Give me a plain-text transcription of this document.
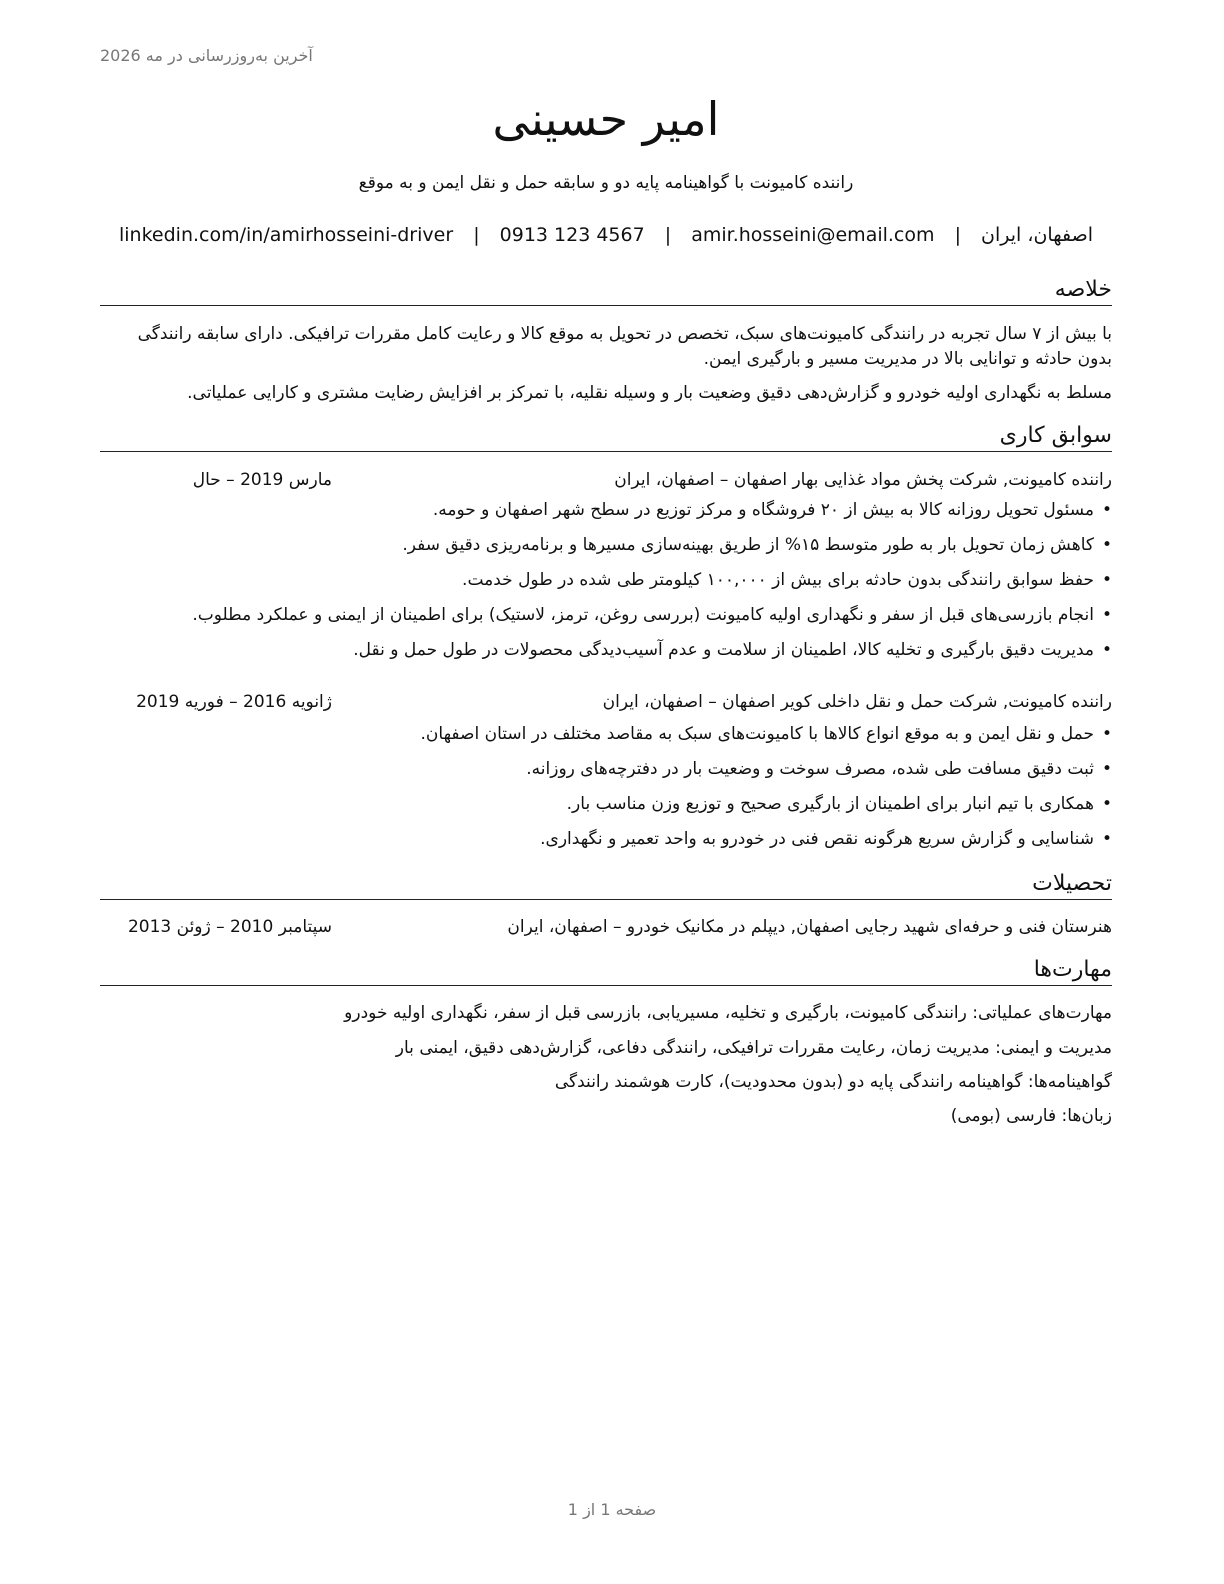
آخرین به‌روزرسانی در مه 2026
امیر حسینی
راننده کامیونت با گواهینامه پایه دو و سابقه حمل و نقل ایمن و به موقع
اصفهان، ایران | amir.hosseini@email.com | 0913 123 4567 | linkedin.com/in/amirhosseini-driver
خلاصه
با بیش از ۷ سال تجربه در رانندگی کامیونت‌های سبک، تخصص در تحویل به موقع کالا و رعایت کامل مقررات ترافیکی. دارای سابقه رانندگی بدون حادثه و توانایی بالا در مدیریت مسیر و بارگیری ایمن.
مسلط به نگهداری اولیه خودرو و گزارش‌دهی دقیق وضعیت بار و وسیله نقلیه، با تمرکز بر افزایش رضایت مشتری و کارایی عملیاتی.
سوابق کاری
راننده کامیونت, شرکت پخش مواد غذایی بهار اصفهان – اصفهان، ایران
مارس 2019 – حال
•مسئول تحویل روزانه کالا به بیش از ۲۰ فروشگاه و مرکز توزیع در سطح شهر اصفهان و حومه.
•کاهش زمان تحویل بار به طور متوسط ۱۵% از طریق بهینه‌سازی مسیرها و برنامه‌ریزی دقیق سفر.
•حفظ سوابق رانندگی بدون حادثه برای بیش از ۱۰۰,۰۰۰ کیلومتر طی شده در طول خدمت.
•انجام بازرسی‌های قبل از سفر و نگهداری اولیه کامیونت (بررسی روغن، ترمز، لاستیک) برای اطمینان از ایمنی و عملکرد مطلوب.
•مدیریت دقیق بارگیری و تخلیه کالا، اطمینان از سلامت و عدم آسیب‌دیدگی محصولات در طول حمل و نقل.
راننده کامیونت, شرکت حمل و نقل داخلی کویر اصفهان – اصفهان، ایران
ژانویه 2016 – فوریه 2019
•حمل و نقل ایمن و به موقع انواع کالاها با کامیونت‌های سبک به مقاصد مختلف در استان اصفهان.
•ثبت دقیق مسافت طی شده، مصرف سوخت و وضعیت بار در دفترچه‌های روزانه.
•همکاری با تیم انبار برای اطمینان از بارگیری صحیح و توزیع وزن مناسب بار.
•شناسایی و گزارش سریع هرگونه نقص فنی در خودرو به واحد تعمیر و نگهداری.
تحصیلات
هنرستان فنی و حرفه‌ای شهید رجایی اصفهان, دیپلم در مکانیک خودرو – اصفهان، ایران
سپتامبر 2010 – ژوئن 2013
مهارت‌ها
مهارت‌های عملیاتی: رانندگی کامیونت، بارگیری و تخلیه، مسیریابی، بازرسی قبل از سفر، نگهداری اولیه خودرو
مدیریت و ایمنی: مدیریت زمان، رعایت مقررات ترافیکی، رانندگی دفاعی، گزارش‌دهی دقیق، ایمنی بار
گواهینامه‌ها: گواهینامه رانندگی پایه دو (بدون محدودیت)، کارت هوشمند رانندگی
زبان‌ها: فارسی (بومی)
صفحه 1 از 1
